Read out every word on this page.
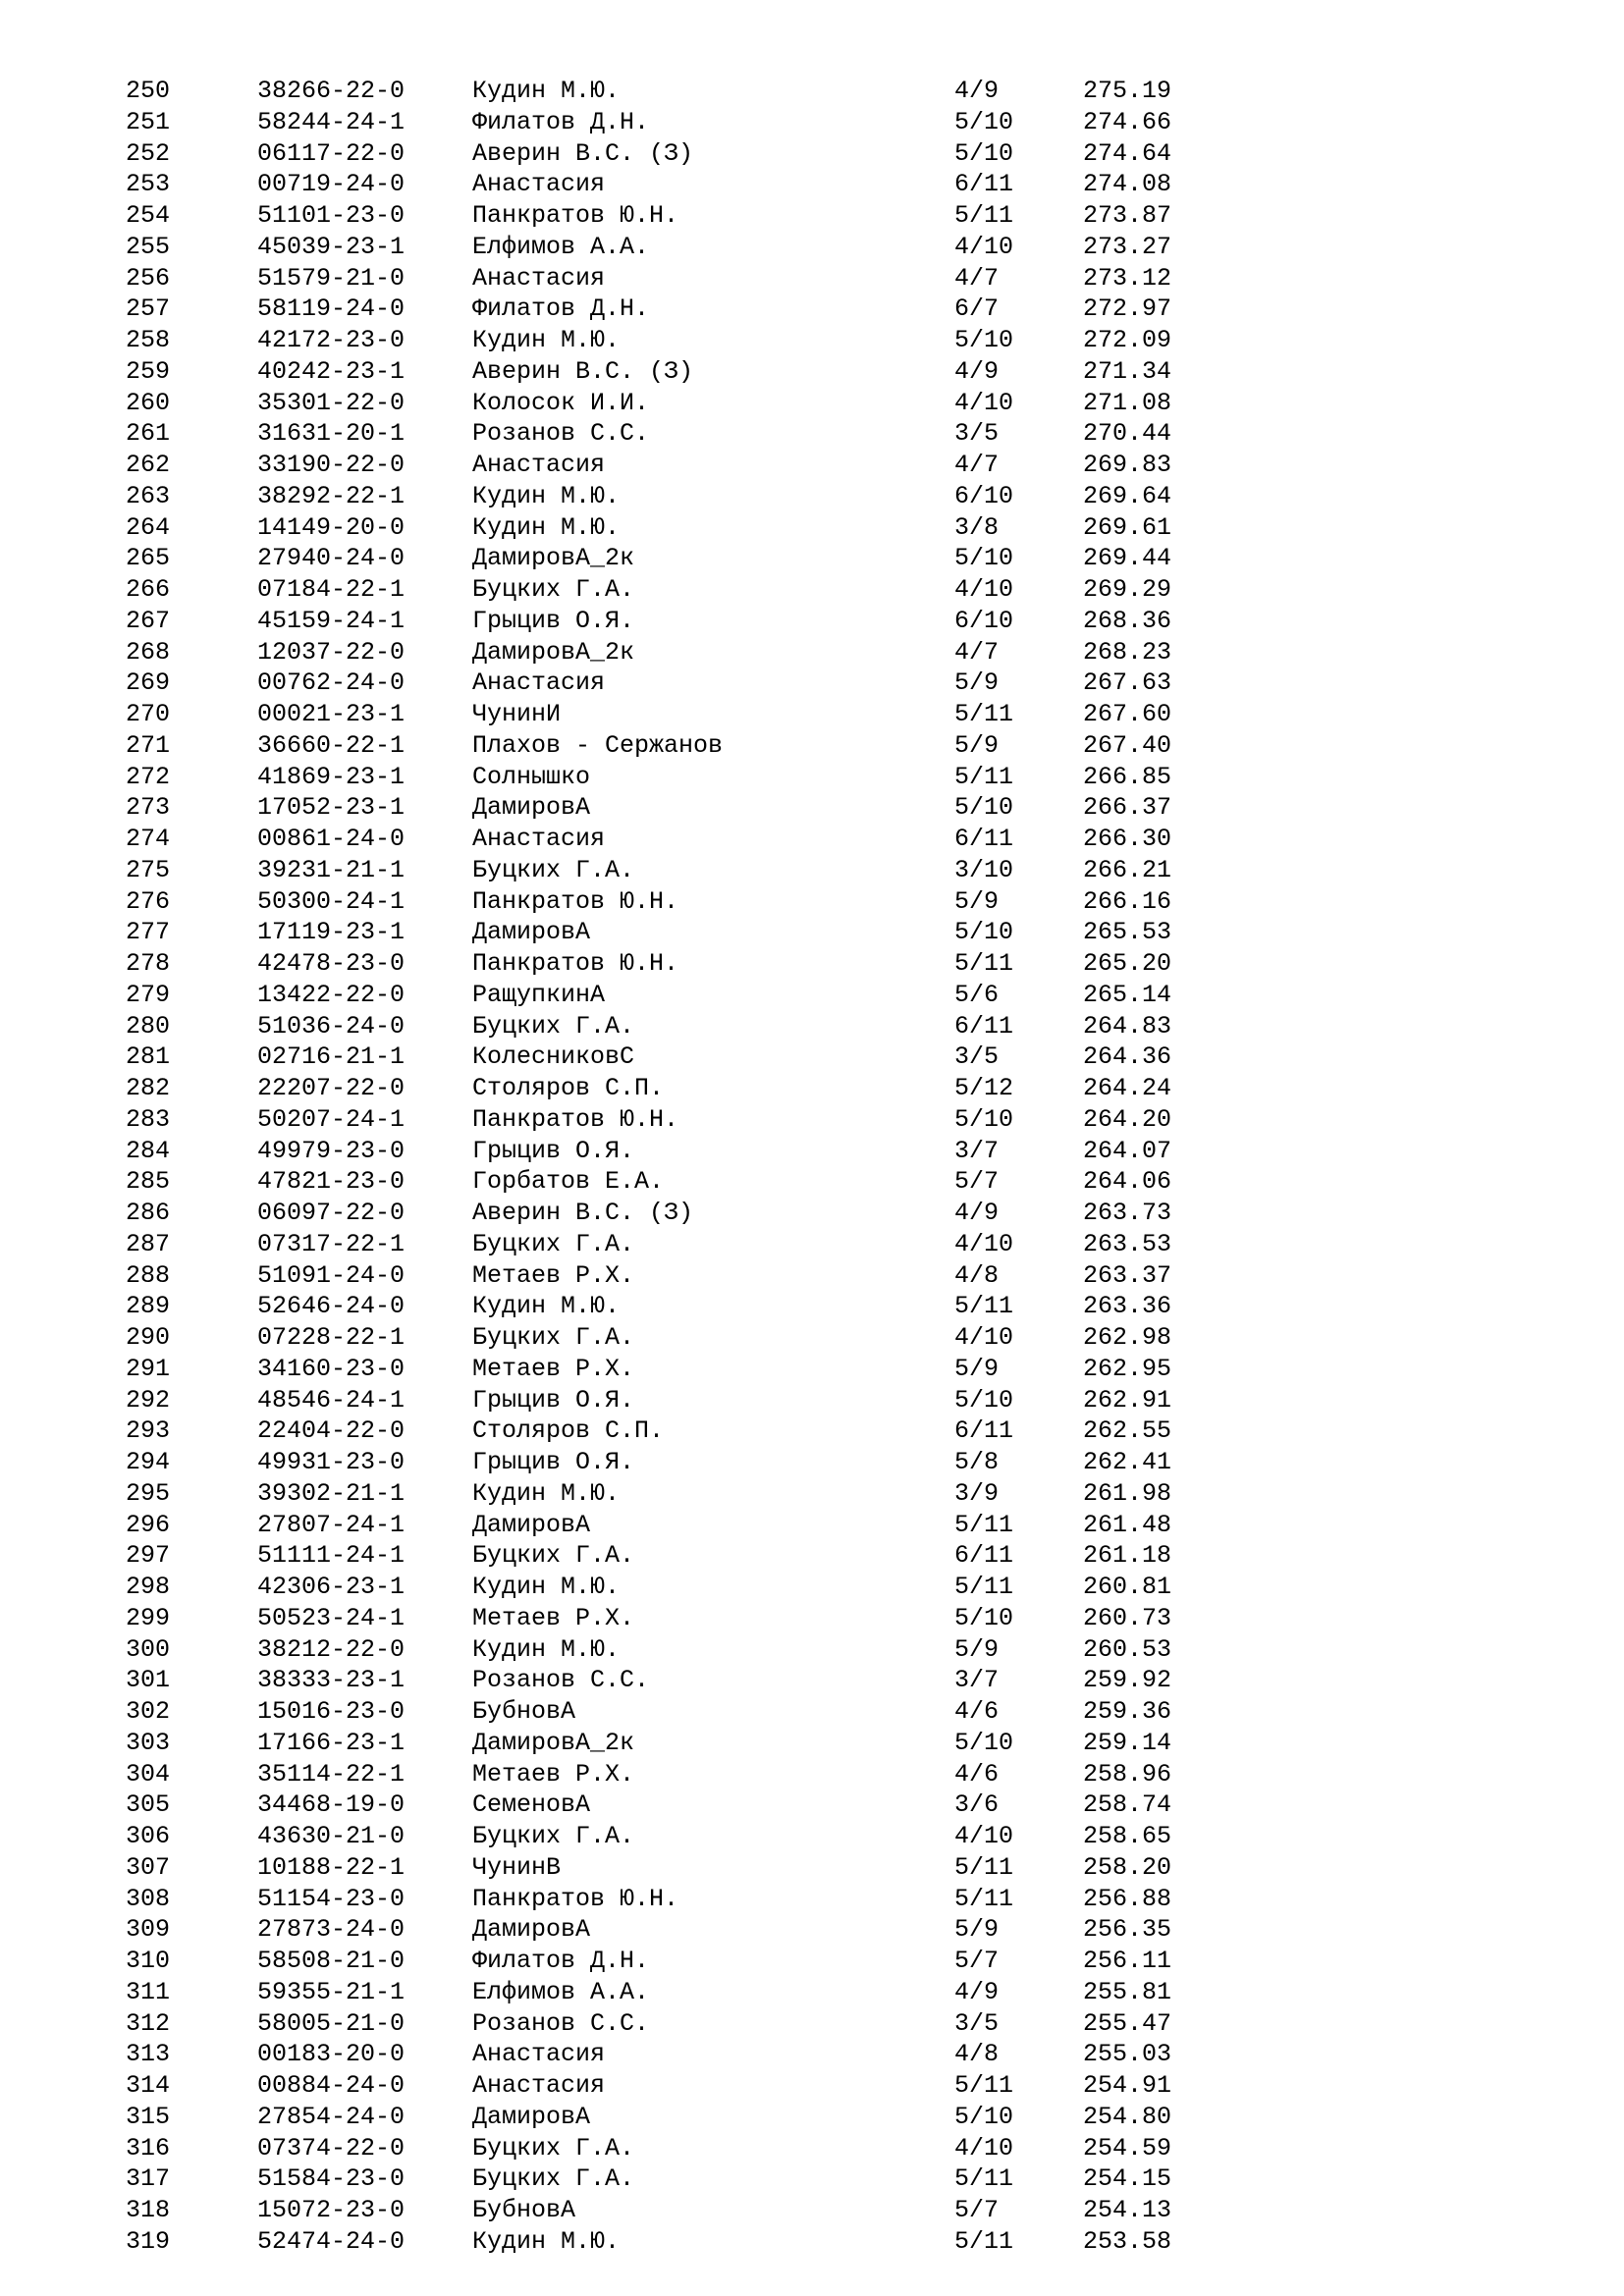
250	38266-22-0	Кудин М.Ю.	4/9	275.19
251	58244-24-1	Филатов Д.Н.	5/10	274.66
252	06117-22-0	Аверин В.С. (З)	5/10	274.64
253	00719-24-0	Анастасия	6/11	274.08
254	51101-23-0	Панкратов Ю.Н.	5/11	273.87
255	45039-23-1	Елфимов А.А.	4/10	273.27
256	51579-21-0	Анастасия	4/7	273.12
257	58119-24-0	Филатов Д.Н.	6/7	272.97
258	42172-23-0	Кудин М.Ю.	5/10	272.09
259	40242-23-1	Аверин В.С. (З)	4/9	271.34
260	35301-22-0	Колосок И.И.	4/10	271.08
261	31631-20-1	Розанов С.С.	3/5	270.44
262	33190-22-0	Анастасия	4/7	269.83
263	38292-22-1	Кудин М.Ю.	6/10	269.64
264	14149-20-0	Кудин М.Ю.	3/8	269.61
265	27940-24-0	ДамировА_2к	5/10	269.44
266	07184-22-1	Буцких Г.А.	4/10	269.29
267	45159-24-1	Грыцив О.Я.	6/10	268.36
268	12037-22-0	ДамировА_2к	4/7	268.23
269	00762-24-0	Анастасия	5/9	267.63
270	00021-23-1	ЧунинИ	5/11	267.60
271	36660-22-1	Плахов - Сержанов	5/9	267.40
272	41869-23-1	Солнышко	5/11	266.85
273	17052-23-1	ДамировА	5/10	266.37
274	00861-24-0	Анастасия	6/11	266.30
275	39231-21-1	Буцких Г.А.	3/10	266.21
276	50300-24-1	Панкратов Ю.Н.	5/9	266.16
277	17119-23-1	ДамировА	5/10	265.53
278	42478-23-0	Панкратов Ю.Н.	5/11	265.20
279	13422-22-0	РащупкинА	5/6	265.14
280	51036-24-0	Буцких Г.А.	6/11	264.83
281	02716-21-1	КолесниковС	3/5	264.36
282	22207-22-0	Столяров С.П.	5/12	264.24
283	50207-24-1	Панкратов Ю.Н.	5/10	264.20
284	49979-23-0	Грыцив О.Я.	3/7	264.07
285	47821-23-0	Горбатов Е.А.	5/7	264.06
286	06097-22-0	Аверин В.С. (З)	4/9	263.73
287	07317-22-1	Буцких Г.А.	4/10	263.53
288	51091-24-0	Метаев Р.Х.	4/8	263.37
289	52646-24-0	Кудин М.Ю.	5/11	263.36
290	07228-22-1	Буцких Г.А.	4/10	262.98
291	34160-23-0	Метаев Р.Х.	5/9	262.95
292	48546-24-1	Грыцив О.Я.	5/10	262.91
293	22404-22-0	Столяров С.П.	6/11	262.55
294	49931-23-0	Грыцив О.Я.	5/8	262.41
295	39302-21-1	Кудин М.Ю.	3/9	261.98
296	27807-24-1	ДамировА	5/11	261.48
297	51111-24-1	Буцких Г.А.	6/11	261.18
298	42306-23-1	Кудин М.Ю.	5/11	260.81
299	50523-24-1	Метаев Р.Х.	5/10	260.73
300	38212-22-0	Кудин М.Ю.	5/9	260.53
301	38333-23-1	Розанов С.С.	3/7	259.92
302	15016-23-0	БубновА	4/6	259.36
303	17166-23-1	ДамировА_2к	5/10	259.14
304	35114-22-1	Метаев Р.Х.	4/6	258.96
305	34468-19-0	СеменовА	3/6	258.74
306	43630-21-0	Буцких Г.А.	4/10	258.65
307	10188-22-1	ЧунинВ	5/11	258.20
308	51154-23-0	Панкратов Ю.Н.	5/11	256.88
309	27873-24-0	ДамировА	5/9	256.35
310	58508-21-0	Филатов Д.Н.	5/7	256.11
311	59355-21-1	Елфимов А.А.	4/9	255.81
312	58005-21-0	Розанов С.С.	3/5	255.47
313	00183-20-0	Анастасия	4/8	255.03
314	00884-24-0	Анастасия	5/11	254.91
315	27854-24-0	ДамировА	5/10	254.80
316	07374-22-0	Буцких Г.А.	4/10	254.59
317	51584-23-0	Буцких Г.А.	5/11	254.15
318	15072-23-0	БубновА	5/7	254.13
319	52474-24-0	Кудин М.Ю.	5/11	253.58
